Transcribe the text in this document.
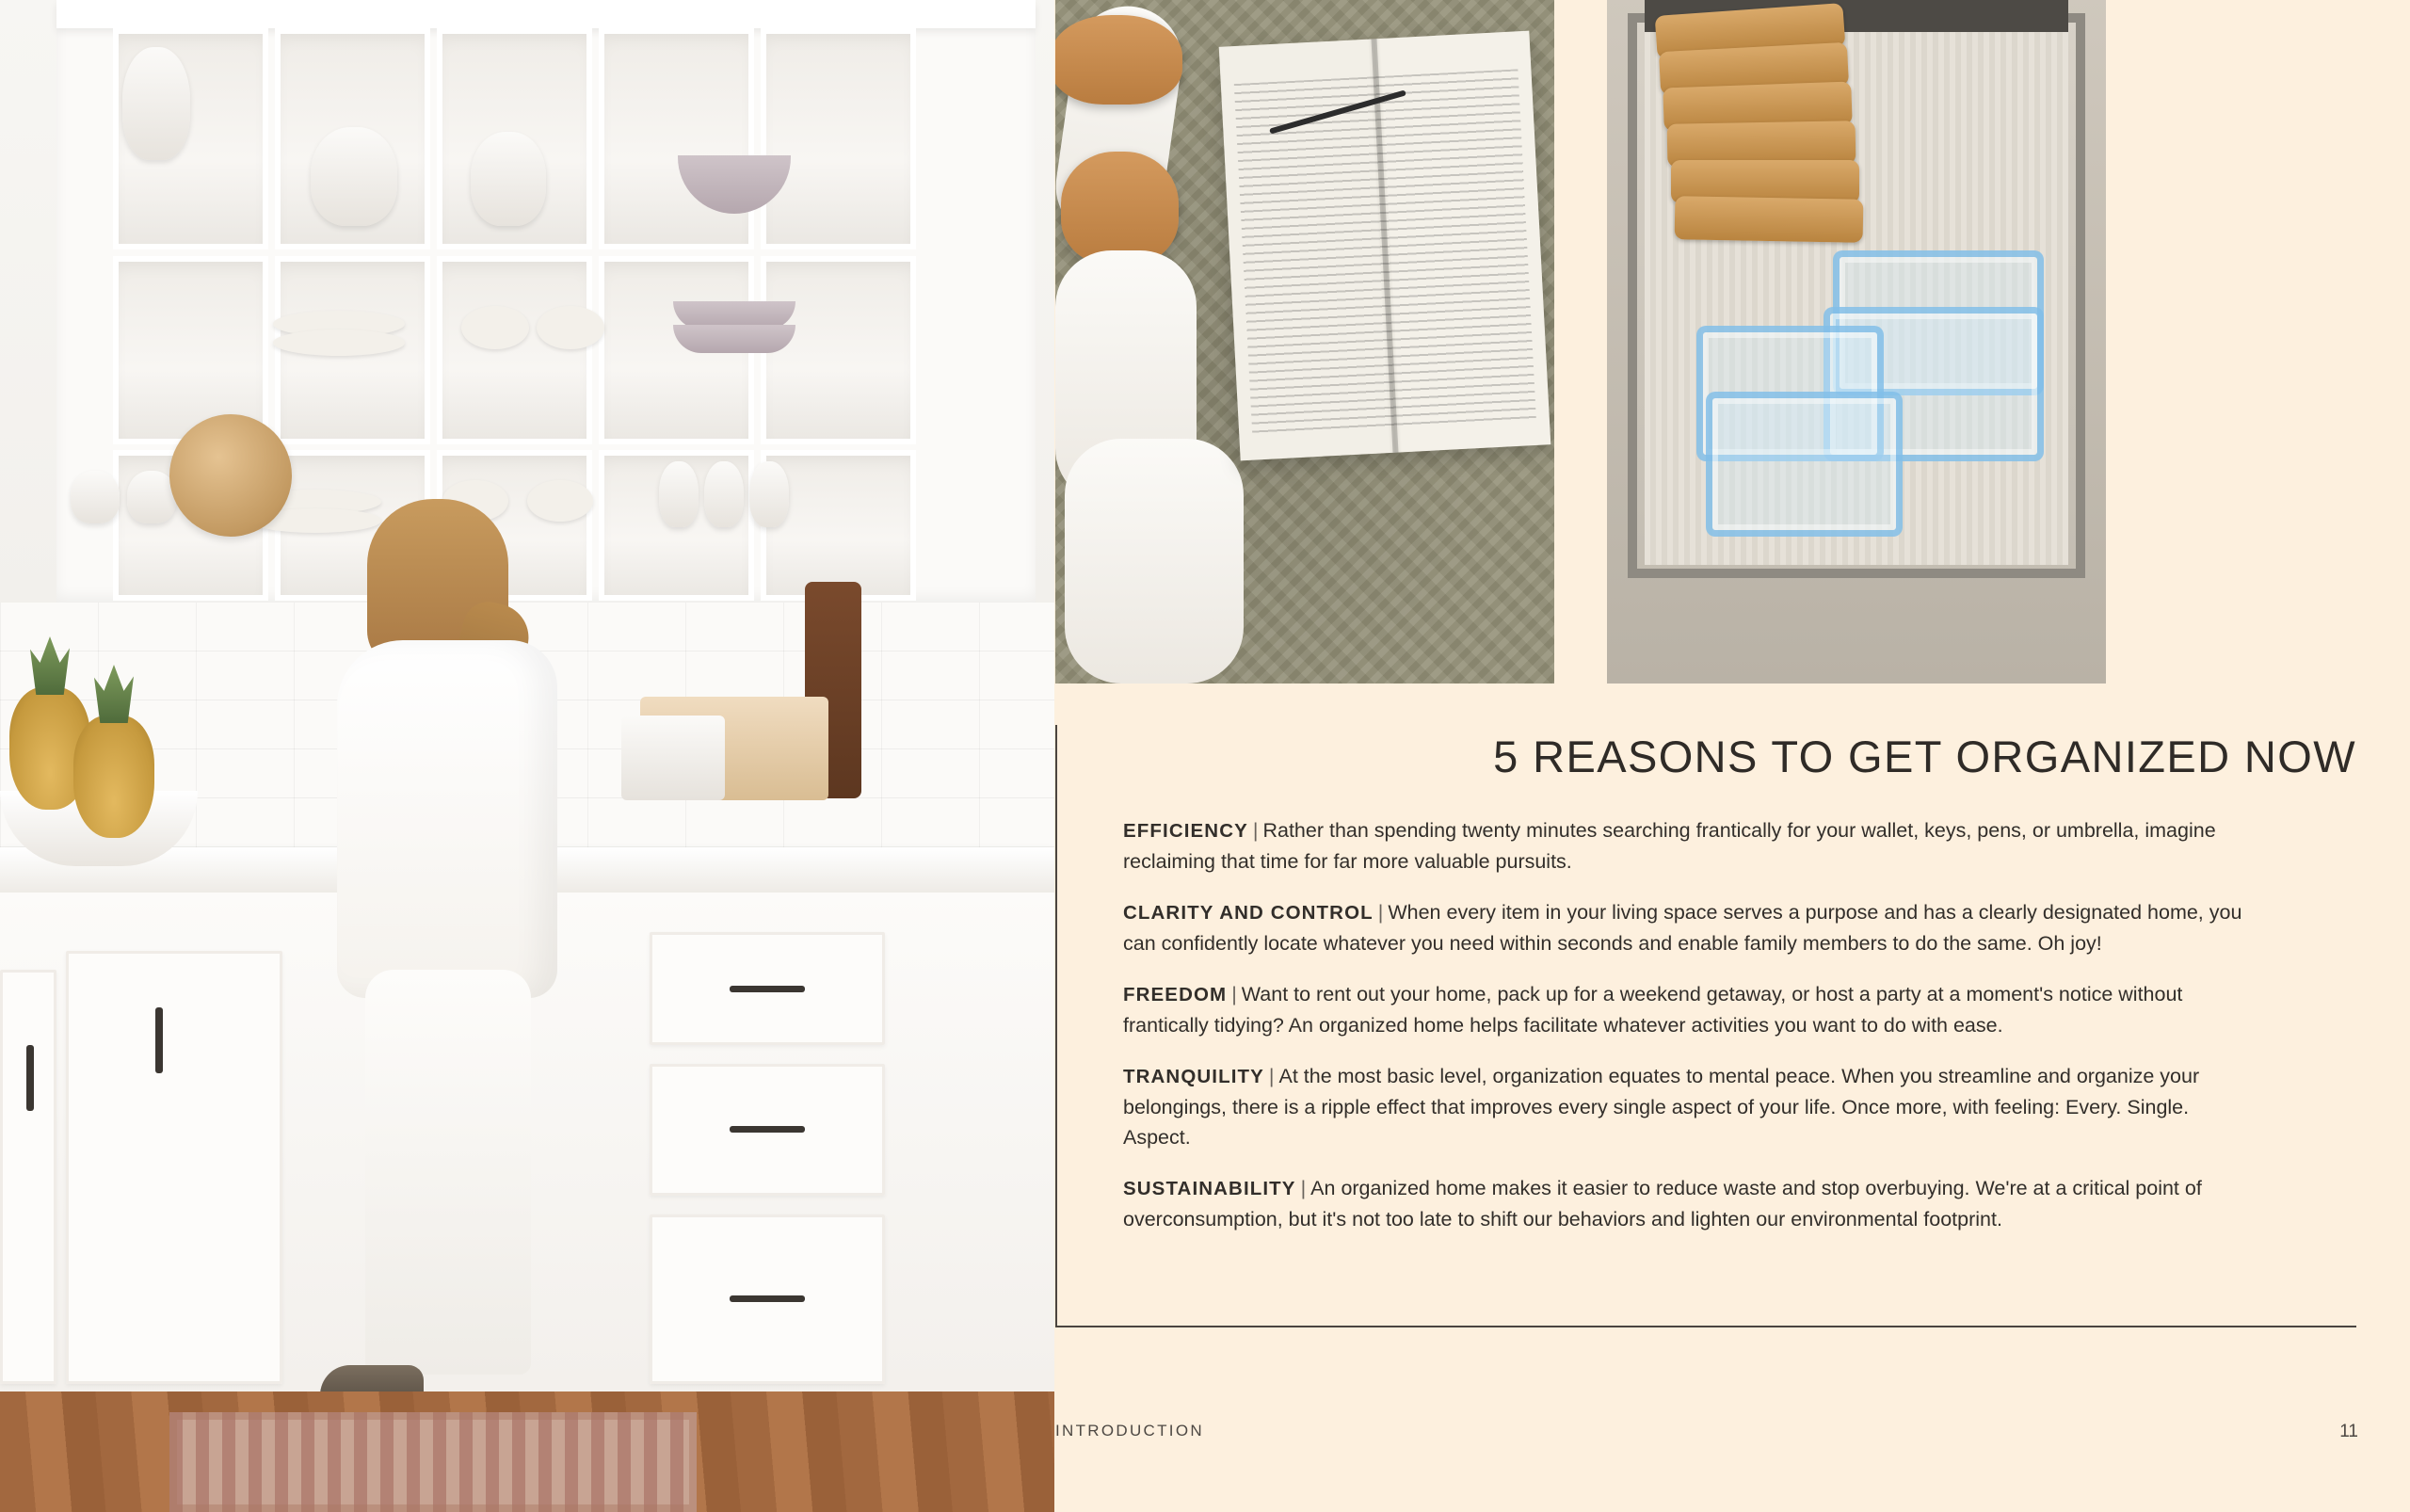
5 REASONS TO GET ORGANIZED NOW

EFFICIENCY | Rather than spending twenty minutes searching frantically for your wallet, keys, pens, or umbrella, imagine reclaiming that time for far more valuable pursuits.

CLARITY AND CONTROL | When every item in your living space serves a purpose and has a clearly designated home, you can confidently locate whatever you need within seconds and enable family members to do the same. Oh joy!

FREEDOM | Want to rent out your home, pack up for a weekend getaway, or host a party at a moment's notice without frantically tidying? An organized home helps facilitate whatever activities you want to do with ease.

TRANQUILITY | At the most basic level, organization equates to mental peace. When you streamline and organize your belongings, there is a ripple effect that improves every single aspect of your life. Once more, with feeling: Every. Single. Aspect.

SUSTAINABILITY | An organized home makes it easier to reduce waste and stop overbuying. We're at a critical point of overconsumption, but it's not too late to shift our behaviors and lighten our environmental footprint.

INTRODUCTION	11
